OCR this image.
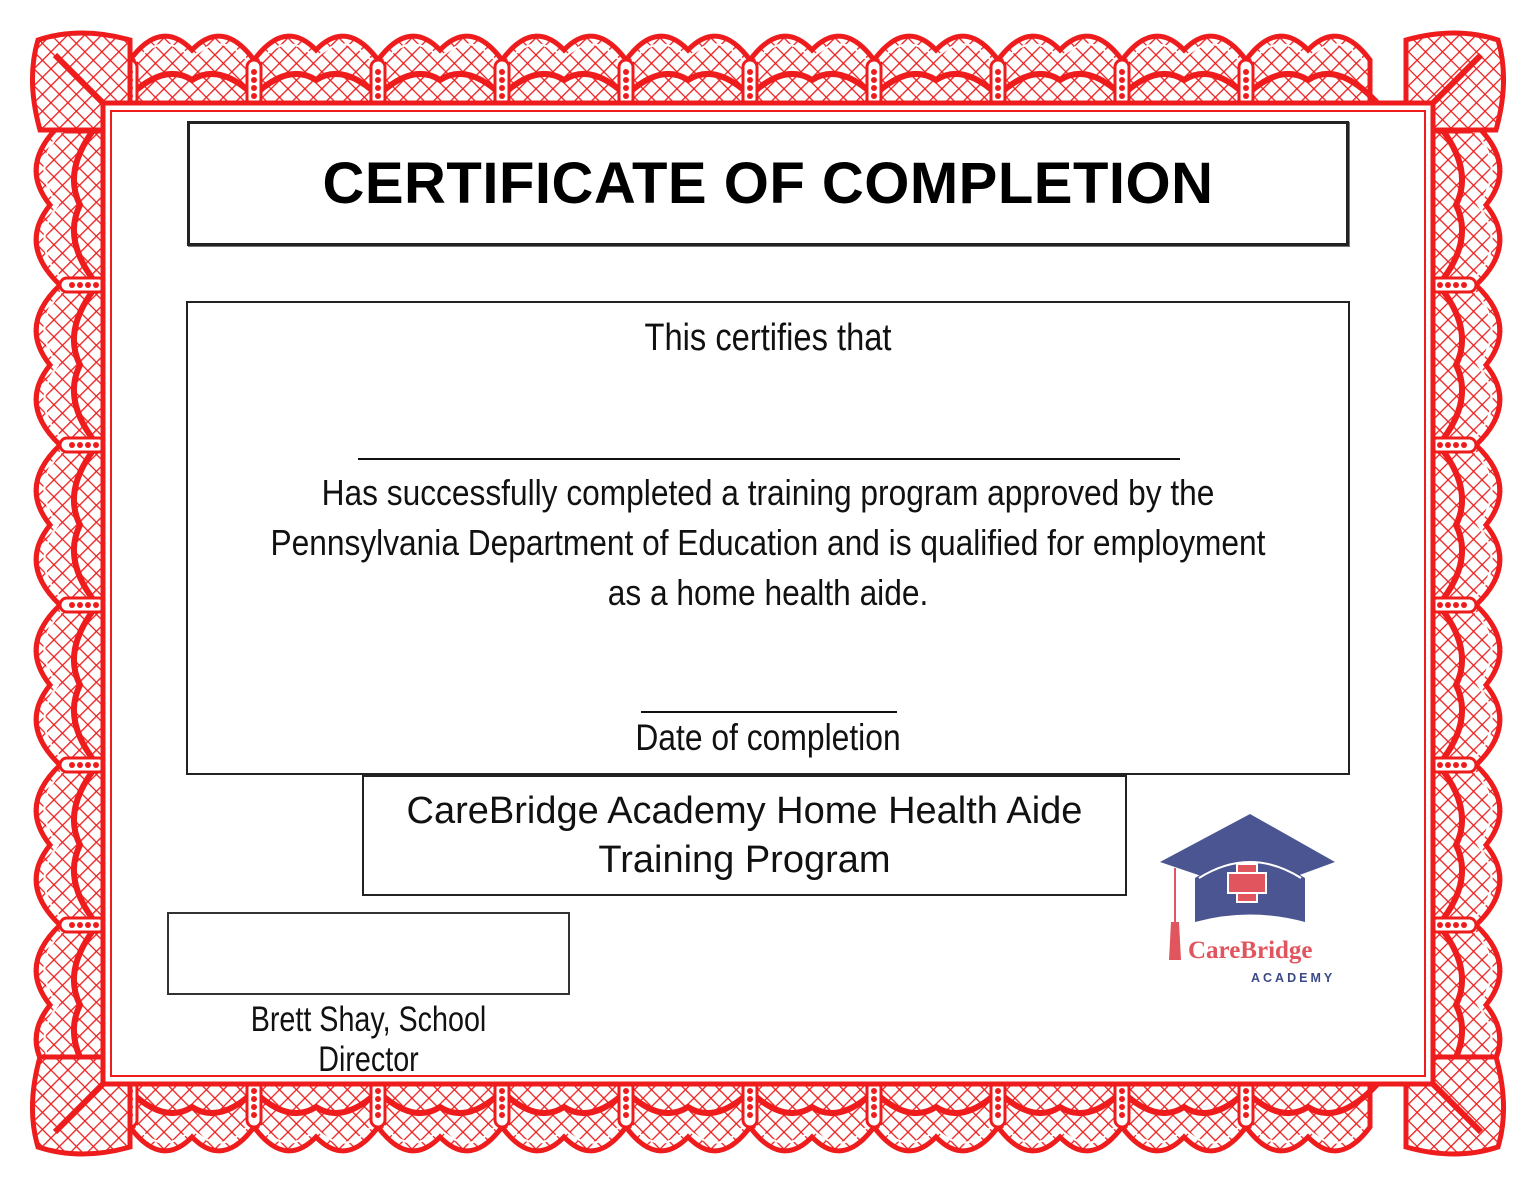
CERTIFICATE OF COMPLETION
This certifies that
Has successfully completed a training program approved by the Pennsylvania Department of Education and is qualified for employment as a home health aide.
Date of completion
CareBridge Academy Home Health Aide
Training Program
Brett Shay, School Director
CareBridge
ACADEMY
